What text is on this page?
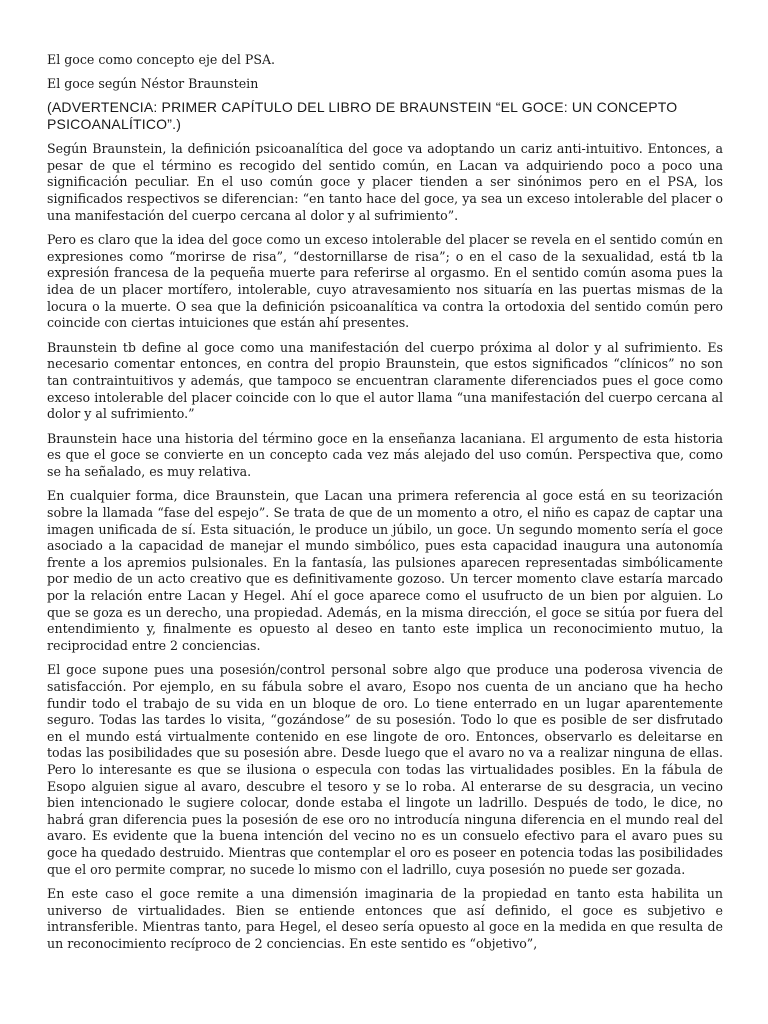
El goce como concepto eje del PSA.

El goce según Néstor Braunstein

(ADVERTENCIA: PRIMER CAPÍTULO DEL LIBRO DE BRAUNSTEIN “EL GOCE: UN CONCEPTO PSICOANALÍTICO”.)

Según Braunstein, la definición psicoanalítica del goce va adoptando un cariz anti-intuitivo. Entonces, a pesar de que el término es recogido del sentido común, en Lacan va adquiriendo poco a poco una significación peculiar. En el uso común goce y placer tienden a ser sinónimos pero en el PSA, los significados respectivos se diferencian: “en tanto hace del goce, ya sea un exceso intolerable del placer o una manifestación del cuerpo cercana al dolor y al sufrimiento”.

Pero es claro que la idea del goce como un exceso intolerable del placer se revela en el sentido común en expresiones como “morirse de risa”, “destornillarse de risa”; o en el caso de la sexualidad, está tb la expresión francesa de la pequeña muerte para referirse al orgasmo. En el sentido común asoma pues la idea de un placer mortífero, intolerable, cuyo atravesamiento nos situaría en las puertas mismas de la locura o la muerte. O sea que la definición psicoanalítica va contra la ortodoxia del sentido común pero coincide con ciertas intuiciones que están ahí presentes.

Braunstein tb define al goce como una manifestación del cuerpo próxima al dolor y al sufrimiento. Es necesario comentar entonces, en contra del propio Braunstein, que estos significados “clínicos” no son tan contraintuitivos y además, que tampoco se encuentran claramente diferenciados pues el goce como exceso intolerable del placer coincide con lo que el autor llama “una manifestación del cuerpo cercana al dolor y al sufrimiento.”

Braunstein hace una historia del término goce en la enseñanza lacaniana. El argumento de esta historia es que el goce se convierte en un concepto cada vez más alejado del uso común. Perspectiva que, como se ha señalado, es muy relativa.

En cualquier forma, dice Braunstein, que Lacan una primera referencia al goce está en su teorización sobre la llamada “fase del espejo”. Se trata de que de un momento a otro, el niño es capaz de captar una imagen unificada de sí. Esta situación, le produce un júbilo, un goce. Un segundo momento sería el goce asociado a la capacidad de manejar el mundo simbólico, pues esta capacidad inaugura una autonomía frente a los apremios pulsionales. En la fantasía, las pulsiones aparecen representadas simbólicamente por medio de un acto creativo que es definitivamente gozoso. Un tercer momento clave estaría marcado por la relación entre Lacan y Hegel. Ahí el goce aparece como el usufructo de un bien por alguien. Lo que se goza es un derecho, una propiedad. Además, en la misma dirección, el goce se sitúa por fuera del entendimiento y, finalmente es opuesto al deseo en tanto este implica un reconocimiento mutuo, la reciprocidad entre 2 conciencias.

El goce supone pues una posesión/control personal sobre algo que produce una poderosa vivencia de satisfacción. Por ejemplo, en su fábula sobre el avaro, Esopo nos cuenta de un anciano que ha hecho fundir todo el trabajo de su vida en un bloque de oro. Lo tiene enterrado en un lugar aparentemente seguro. Todas las tardes lo visita, “gozándose” de su posesión. Todo lo que es posible de ser disfrutado en el mundo está virtualmente contenido en ese lingote de oro. Entonces, observarlo es deleitarse en todas las posibilidades que su posesión abre. Desde luego que el avaro no va a realizar ninguna de ellas. Pero lo interesante es que se ilusiona o especula con todas las virtualidades posibles. En la fábula de Esopo alguien sigue al avaro, descubre el tesoro y se lo roba. Al enterarse de su desgracia, un vecino bien intencionado le sugiere colocar, donde estaba el lingote un ladrillo. Después de todo, le dice, no habrá gran diferencia pues la posesión de ese oro no introducía ninguna diferencia en el mundo real del avaro. Es evidente que la buena intención del vecino no es un consuelo efectivo para el avaro pues su goce ha quedado destruido. Mientras que contemplar el oro es poseer en potencia todas las posibilidades que el oro permite comprar, no sucede lo mismo con el ladrillo, cuya posesión no puede ser gozada.

En este caso el goce remite a una dimensión imaginaria de la propiedad en tanto esta habilita un universo de virtualidades. Bien se entiende entonces que así definido, el goce es subjetivo e intransferible. Mientras tanto, para Hegel, el deseo sería opuesto al goce en la medida en que resulta de un reconocimiento recíproco de 2 conciencias. En este sentido es “objetivo”,
